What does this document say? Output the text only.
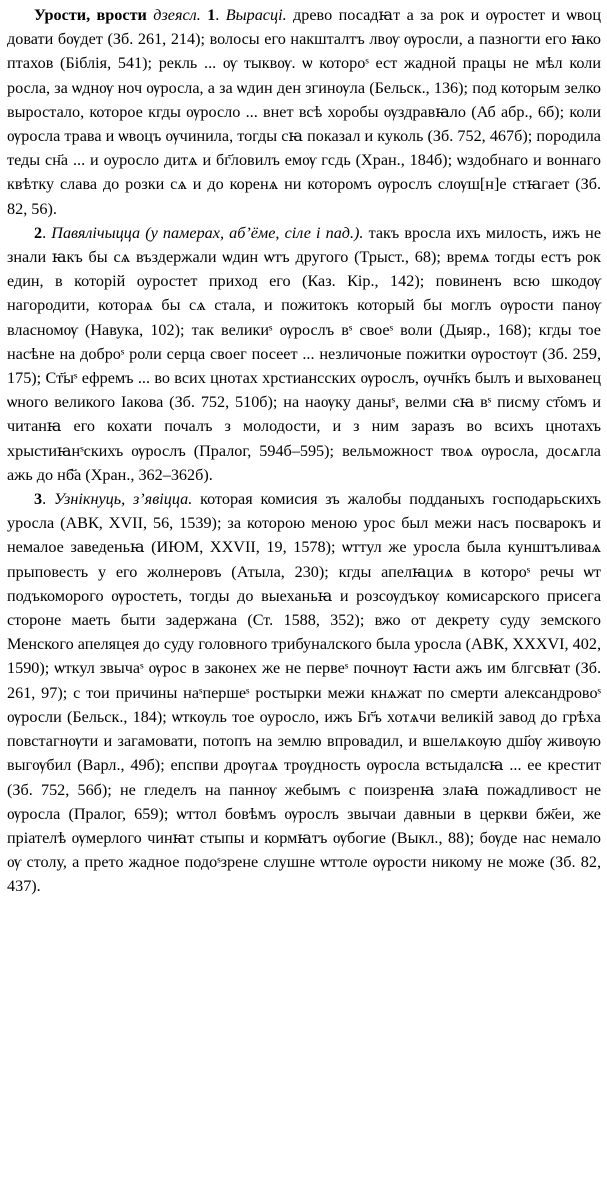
Урости, врости дзеясл. 1. Вырасці. древо посадꙗт а за рок и ѹростет и ѡвоц довати бѹдет (Зб. 261, 214); волосы его накшталтъ лвѹ ѹросли, а пазногти его ꙗко птахов (Біблія, 541); рекль ... ѹ тыквѹ. ѡ котороˢ ест жадной працы не мѣл коли росла, за ѡднѹ ноч ѹросла, а за ѡдин ден згинѹла (Бельск., 136); под которым зелко выростало, которое кгды ѹросло ... внет всѣ хоробы ѹздравꙗло (Аб абр., 6б); коли ѹросла трава и ѡвоцъ ѹчинила, тогды сꙗ показал и куколь (Зб. 752, 467б); породила теды сн҃а ... и оуросло дитѧ и бг҃ловилъ емѹ гсдь (Хран., 184б); ѡздобнаго и воннаго квѣтку слава до розки сѧ и до коренѧ ни которомъ ѹрослъ слѹш[н]е стꙗгает (Зб. 82, 56).

2. Павялічыцца (у памерах, аб’ёме, сіле і пад.). такъ вросла ихъ милость, ижъ не знали ꙗкъ бы сѧ въздержали ѡдин ѡтъ другого (Трыст., 68); времѧ тогды естъ рок един, в которій оуростет приход его (Каз. Кір., 142); повиненъ всю шкодѹ нагородити, котораѧ бы сѧ стала, и пожитокъ который бы моглъ ѹрости панѹ власномѹ (Навука, 102); так великиˢ ѹрослъ вˢ своеˢ воли (Дыяр., 168); кгды тое насѣне на доброˢ роли серца своег посеет ... незличоные пожитки ѹростѹт (Зб. 259, 175); Ст҃ыˢ ефремъ ... во всих цнотах хрстиансских ѹрослъ, ѹчн҃къ былъ и выхованец ѡного великого Іакова (Зб. 752, 510б); на наѹку даныˢ, велми сꙗ вˢ писму ст҃омъ и читанꙗ его кохати почалъ з молодости, и з ним заразъ во всихъ цнотахъ хрыстиꙗнˢскихъ ѹрослъ (Пралог, 594б–595); вельможност твоѧ ѹросла, досѧгла ажь до нб҃а (Хран., 362–362б).

3. Узнікнуць, з’явіцца. которая комисия зъ жалобы подданыхъ господарьскихъ урослa (АВК, XVII, 56, 1539); за которою меною урос был межи насъ посварокъ и немалое заведеньꙗ (ИЮМ, XXVII, 19, 1578); ѡттул же урослa была кунштъливаѧ прыповесть у его жолнеровъ (Атыла, 230); кгды апелꙗциѧ в котороˢ речы ѡт подъкоморого ѹростеть, тогды до выеханьꙗ и розсѹдъкѹ комисарского присега стороне маеть быти задержана (Ст. 1588, 352); вжо от декрету суду земского Менского апеляцея до суду головного трибуналского была урослa (АВК, XXXVI, 402, 1590); ѡткул звычаˢ ѹрос в законех же не первеˢ почнѹт ꙗсти ажъ им блгсвꙗт (Зб. 261, 97); с тои причины наˢпершеˢ ростырки межи кнѧжат по смерти александровоˢ ѹросли (Бельск., 184); ѡткѹль тое оуросло, ижъ Бг҃ъ хотѧчи великій завод до грѣха повстагнѹти и загамовати, потопъ на землю впровадил, и вшелѧкѹю дш҃ѹ живѹю выгѹбил (Варл., 49б); епспви дрѹгаѧ трѹдность ѹросла встыдалсꙗ ... ее крестит (Зб. 752, 56б); не гледелъ на паннѹ жебымъ с поизренꙗ злаꙗ пожадливост не ѹросла (Пралог, 659); ѡттол бовѣмъ ѹрослъ звычаи давныи в церкви бж҃еи, же пріателѣ ѹмерлого чинꙗт стыпы и кормꙗтъ ѹбогие (Выкл., 88); бѹде нас немало ѹ столу, а прето жадное подоˢзрене слушне ѡттоле ѹрости никому не може (Зб. 82, 437).
